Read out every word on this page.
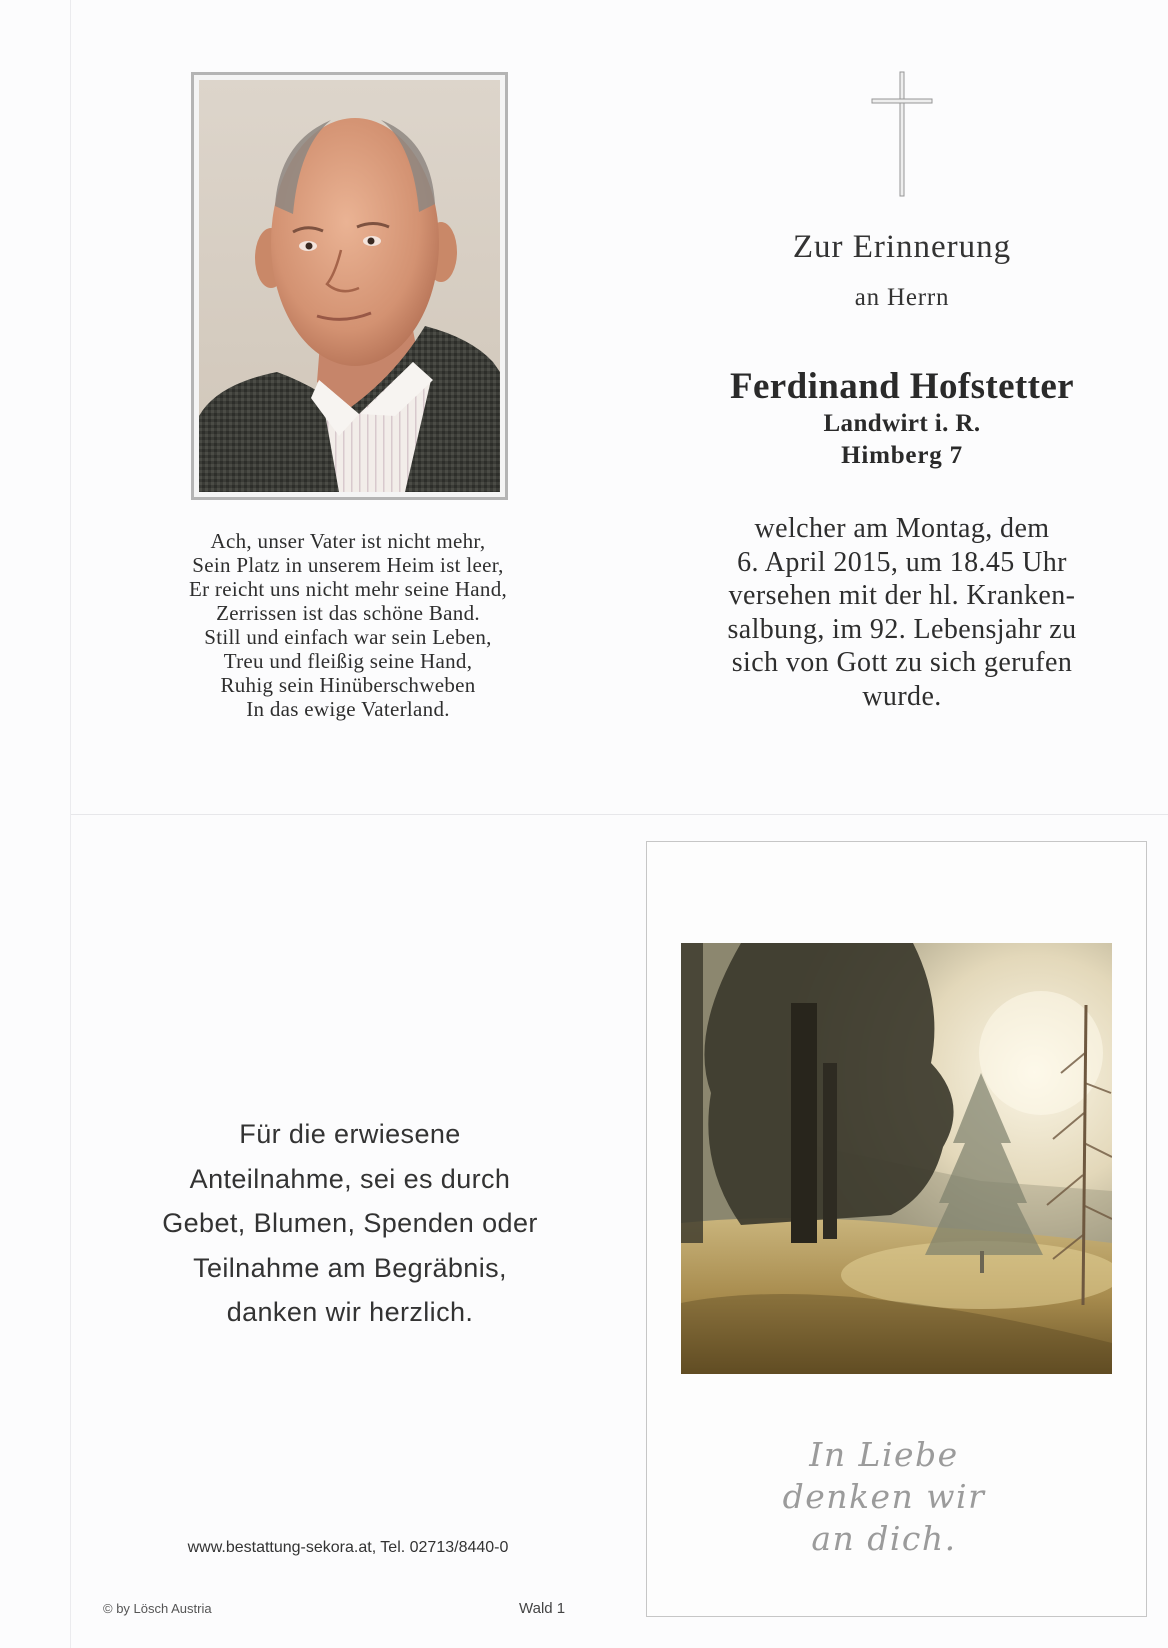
Zur Erinnerung
an Herrn
Ferdinand Hofstetter
Landwirt i. R.
Himberg 7
welcher am Montag, dem
6. April 2015, um 18.45 Uhr
versehen mit der hl. Kranken-
salbung, im 92. Lebensjahr zu
sich von Gott zu sich gerufen
wurde.
Ach, unser Vater ist nicht mehr,
Sein Platz in unserem Heim ist leer,
Er reicht uns nicht mehr seine Hand,
Zerrissen ist das schöne Band.
Still und einfach war sein Leben,
Treu und fleißig seine Hand,
Ruhig sein Hinüberschweben
In das ewige Vaterland.
Für die erwiesene
Anteilnahme, sei es durch
Gebet, Blumen, Spenden oder
Teilnahme am Begräbnis,
danken wir herzlich.
www.bestattung-sekora.at, Tel. 02713/8440-0
© by Lösch Austria	Wald 1
In Liebe
denken wir
an dich.
